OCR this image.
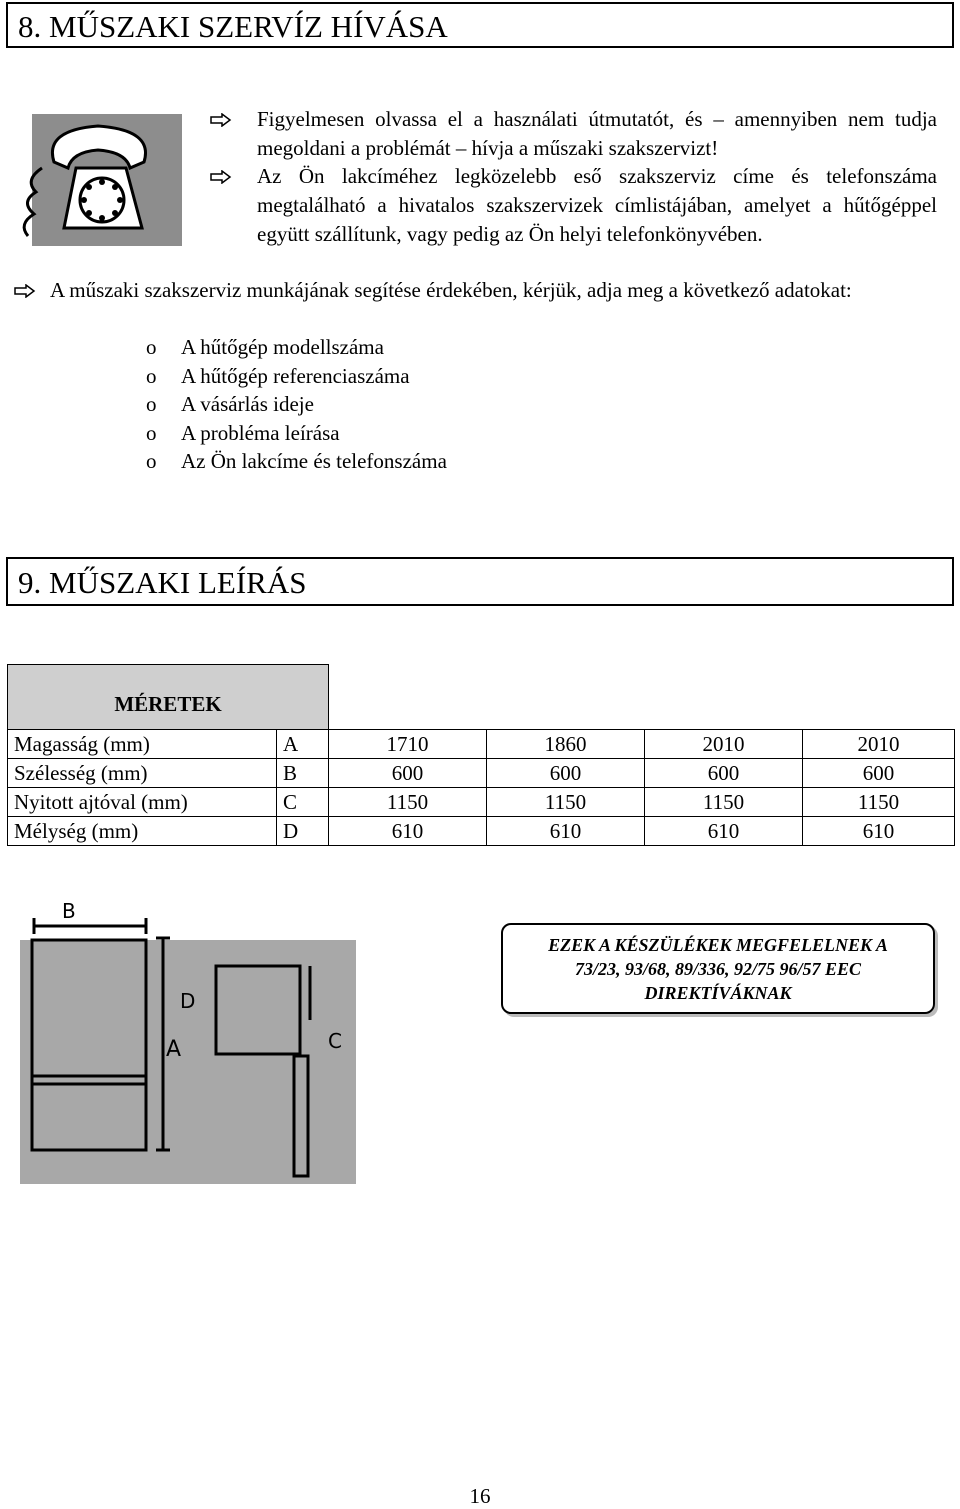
8. MŰSZAKI SZERVÍZ HÍVÁSA
Figyelmesen olvassa el a használati útmutatót, és – amennyiben nem tudja megoldani a problémát – hívja a műszaki szakszervizt!
Az Ön lakcíméhez legközelebb eső szakszerviz címe és telefonszáma megtalálható a hivatalos szakszervizek címlistájában, amelyet a hűtőgéppel együtt szállítunk, vagy pedig az Ön helyi telefonkönyvében.
A műszaki szakszerviz munkájának segítése érdekében, kérjük, adja meg a következő adatokat:
o A hűtőgép modellszáma
o A hűtőgép referenciaszáma
o A vásárlás ideje
o A probléma leírása
o Az Ön lakcíme és telefonszáma
9. MŰSZAKI LEÍRÁS
MÉRETEK					
Magasság (mm)	A	1710	1860	2010	2010
Szélesség (mm)	B	600	600	600	600
Nyitott ajtóval (mm)	C	1150	1150	1150	1150
Mélység (mm)	D	610	610	610	610
B
D
A	C
EZEK A KÉSZÜLÉKEK MEGFELELNEK A
73/23, 93/68, 89/336, 92/75 96/57 EEC
DIREKTÍVÁKNAK
16
